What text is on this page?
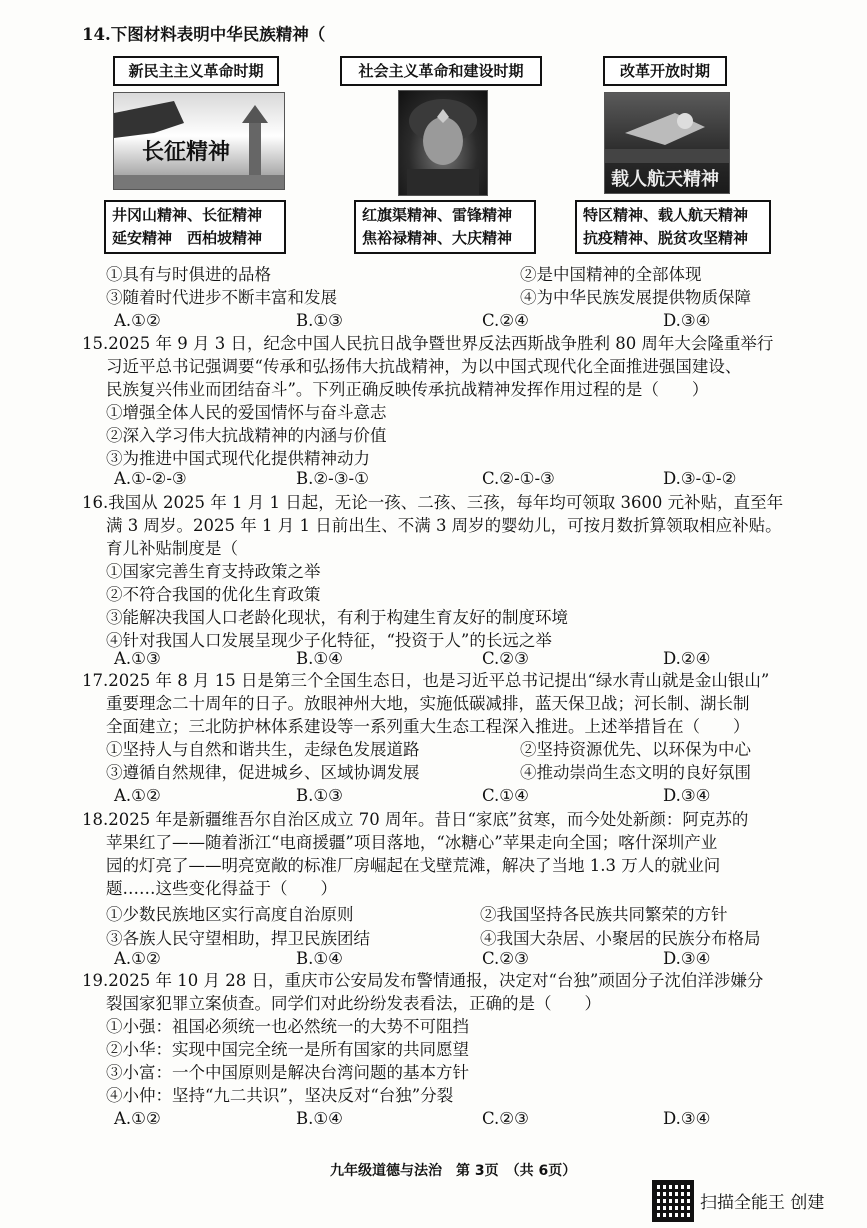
14.下图材料表明中华民族精神（
新民主主义革命时期
长征精神
井冈山精神、长征精神
延安精神　西柏坡精神
社会主义革命和建设时期
红旗渠精神、雷锋精神
焦裕禄精神、大庆精神
改革开放时期
载人航天精神
特区精神、载人航天精神
抗疫精神、脱贫攻坚精神
①具有与时俱进的品格	②是中国精神的全部体现
③随着时代进步不断丰富和发展	④为中华民族发展提供物质保障
A.①②	B.①③	C.②④	D.③④
15.2025 年 9 月 3 日，纪念中国人民抗日战争暨世界反法西斯战争胜利 80 周年大会隆重举行
习近平总书记强调要“传承和弘扬伟大抗战精神，为以中国式现代化全面推进强国建设、
民族复兴伟业而团结奋斗”。下列正确反映传承抗战精神发挥作用过程的是（　　）
①增强全体人民的爱国情怀与奋斗意志
②深入学习伟大抗战精神的内涵与价值
③为推进中国式现代化提供精神动力
A.①-②-③	B.②-③-①	C.②-①-③	D.③-①-②
16.我国从 2025 年 1 月 1 日起，无论一孩、二孩、三孩，每年均可领取 3600 元补贴，直至年
满 3 周岁。2025 年 1 月 1 日前出生、不满 3 周岁的婴幼儿，可按月数折算领取相应补贴。
育儿补贴制度是（
①国家完善生育支持政策之举
②不符合我国的优化生育政策
③能解决我国人口老龄化现状，有利于构建生育友好的制度环境
④针对我国人口发展呈现少子化特征，“投资于人”的长远之举
A.①③	B.①④	C.②③	D.②④
17.2025 年 8 月 15 日是第三个全国生态日，也是习近平总书记提出“绿水青山就是金山银山”
重要理念二十周年的日子。放眼神州大地，实施低碳减排，蓝天保卫战；河长制、湖长制
全面建立；三北防护林体系建设等一系列重大生态工程深入推进。上述举措旨在（　　）
①坚持人与自然和谐共生，走绿色发展道路	②坚持资源优先、以环保为中心
③遵循自然规律，促进城乡、区域协调发展	④推动崇尚生态文明的良好氛围
A.①②	B.①③	C.①④	D.③④
18.2025 年是新疆维吾尔自治区成立 70 周年。昔日“家底”贫寒，而今处处新颜：阿克苏的
苹果红了——随着浙江“电商援疆”项目落地，“冰糖心”苹果走向全国；喀什深圳产业
园的灯亮了——明亮宽敞的标准厂房崛起在戈壁荒滩，解决了当地 1.3 万人的就业问
题……这些变化得益于（　　）
①少数民族地区实行高度自治原则	②我国坚持各民族共同繁荣的方针
③各族人民守望相助，捍卫民族团结	④我国大杂居、小聚居的民族分布格局
A.①②	B.①④	C.②③	D.③④
19.2025 年 10 月 28 日，重庆市公安局发布警情通报，决定对“台独”顽固分子沈伯洋涉嫌分
裂国家犯罪立案侦查。同学们对此纷纷发表看法，正确的是（　　）
①小强：祖国必须统一也必然统一的大势不可阻挡
②小华：实现中国完全统一是所有国家的共同愿望
③小富：一个中国原则是解决台湾问题的基本方针
④小仲：坚持“九二共识”，坚决反对“台独”分裂
A.①②	B.①④	C.②③	D.③④
九年级道德与法治　第 3页　（共 6页）
扫描全能王 创建
